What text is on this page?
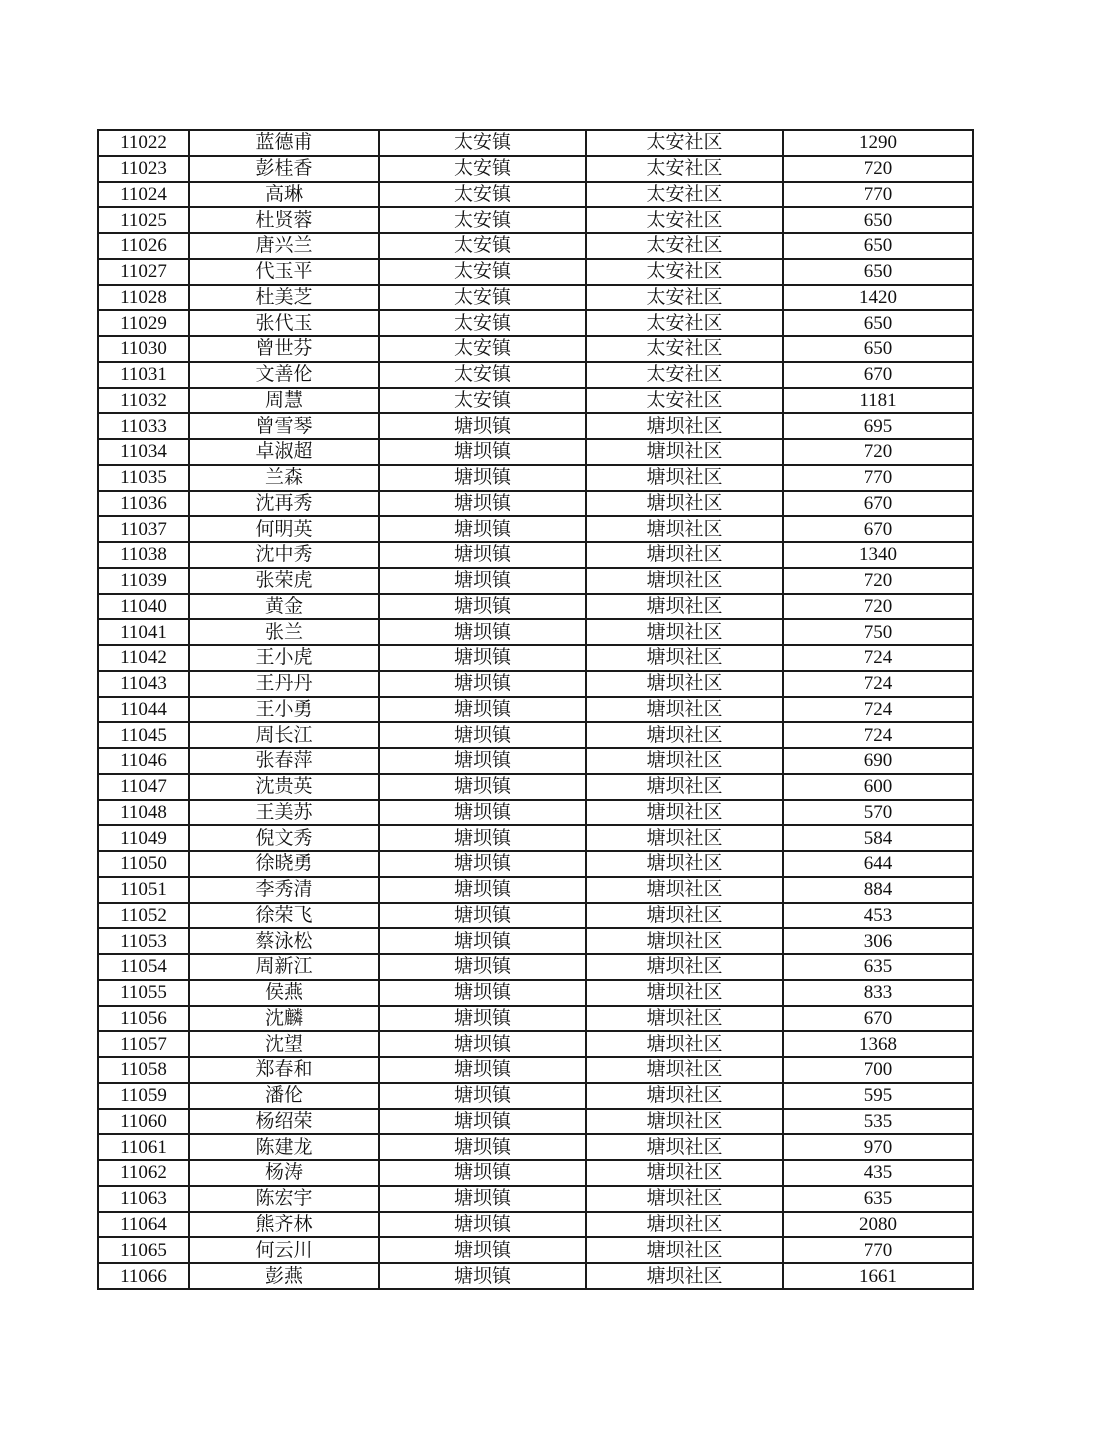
11022	蓝德甫	太安镇	太安社区	1290
11023	彭桂香	太安镇	太安社区	720
11024	高琳	太安镇	太安社区	770
11025	杜贤蓉	太安镇	太安社区	650
11026	唐兴兰	太安镇	太安社区	650
11027	代玉平	太安镇	太安社区	650
11028	杜美芝	太安镇	太安社区	1420
11029	张代玉	太安镇	太安社区	650
11030	曾世芬	太安镇	太安社区	650
11031	文善伦	太安镇	太安社区	670
11032	周慧	太安镇	太安社区	1181
11033	曾雪琴	塘坝镇	塘坝社区	695
11034	卓淑超	塘坝镇	塘坝社区	720
11035	兰森	塘坝镇	塘坝社区	770
11036	沈再秀	塘坝镇	塘坝社区	670
11037	何明英	塘坝镇	塘坝社区	670
11038	沈中秀	塘坝镇	塘坝社区	1340
11039	张荣虎	塘坝镇	塘坝社区	720
11040	黄金	塘坝镇	塘坝社区	720
11041	张兰	塘坝镇	塘坝社区	750
11042	王小虎	塘坝镇	塘坝社区	724
11043	王丹丹	塘坝镇	塘坝社区	724
11044	王小勇	塘坝镇	塘坝社区	724
11045	周长江	塘坝镇	塘坝社区	724
11046	张春萍	塘坝镇	塘坝社区	690
11047	沈贵英	塘坝镇	塘坝社区	600
11048	王美苏	塘坝镇	塘坝社区	570
11049	倪文秀	塘坝镇	塘坝社区	584
11050	徐晓勇	塘坝镇	塘坝社区	644
11051	李秀清	塘坝镇	塘坝社区	884
11052	徐荣飞	塘坝镇	塘坝社区	453
11053	蔡泳松	塘坝镇	塘坝社区	306
11054	周新江	塘坝镇	塘坝社区	635
11055	侯燕	塘坝镇	塘坝社区	833
11056	沈麟	塘坝镇	塘坝社区	670
11057	沈望	塘坝镇	塘坝社区	1368
11058	郑春和	塘坝镇	塘坝社区	700
11059	潘伦	塘坝镇	塘坝社区	595
11060	杨绍荣	塘坝镇	塘坝社区	535
11061	陈建龙	塘坝镇	塘坝社区	970
11062	杨涛	塘坝镇	塘坝社区	435
11063	陈宏宇	塘坝镇	塘坝社区	635
11064	熊齐林	塘坝镇	塘坝社区	2080
11065	何云川	塘坝镇	塘坝社区	770
11066	彭燕	塘坝镇	塘坝社区	1661
